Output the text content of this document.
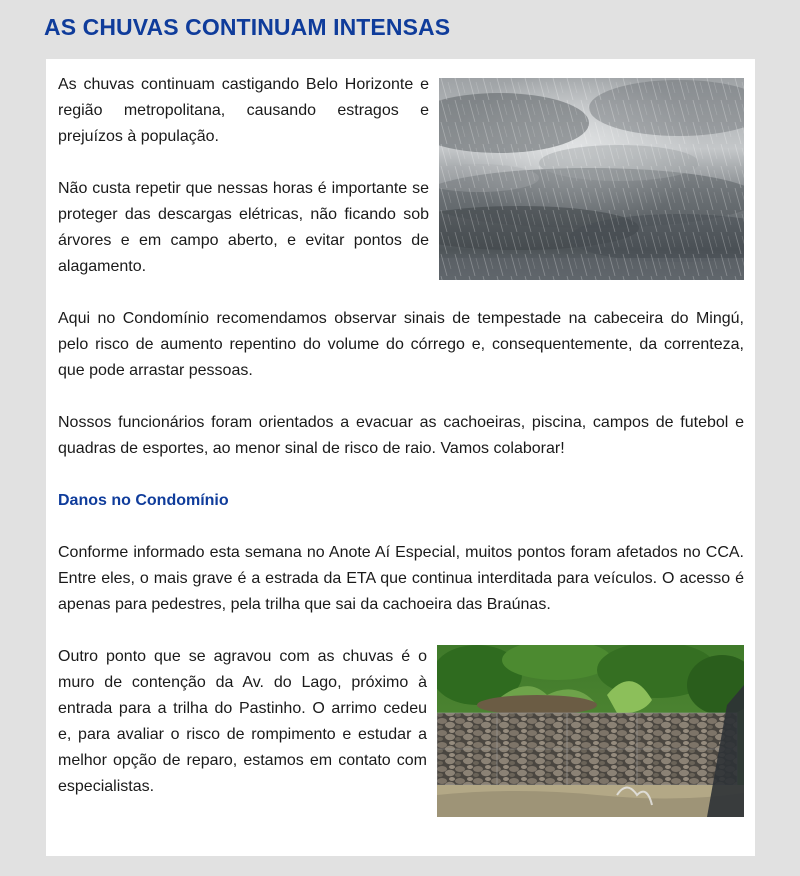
AS CHUVAS CONTINUAM INTENSAS

As chuvas continuam castigando Belo Horizonte e região metropolitana, causando estragos e prejuízos à população.

Não custa repetir que nessas horas é importante se proteger das descargas elétricas, não ficando sob árvores e em campo aberto, e evitar pontos de alagamento.

Aqui no Condomínio recomendamos observar sinais de tempestade na cabeceira do Mingú, pelo risco de aumento repentino do volume do córrego e, consequentemente, da correnteza, que pode arrastar pessoas.

Nossos funcionários foram orientados a evacuar as cachoeiras, piscina, campos de futebol e quadras de esportes, ao menor sinal de risco de raio. Vamos colaborar!

Danos no Condomínio

Conforme informado esta semana no Anote Aí Especial, muitos pontos foram afetados no CCA. Entre eles, o mais grave é a estrada da ETA que continua interditada para veículos. O acesso é apenas para pedestres, pela trilha que sai da cachoeira das Braúnas.

Outro ponto que se agravou com as chuvas é o muro de contenção da Av. do Lago, próximo à entrada para a trilha do Pastinho. O arrimo cedeu e, para avaliar o risco de rompimento e estudar a melhor opção de reparo, estamos em contato com especialistas.
